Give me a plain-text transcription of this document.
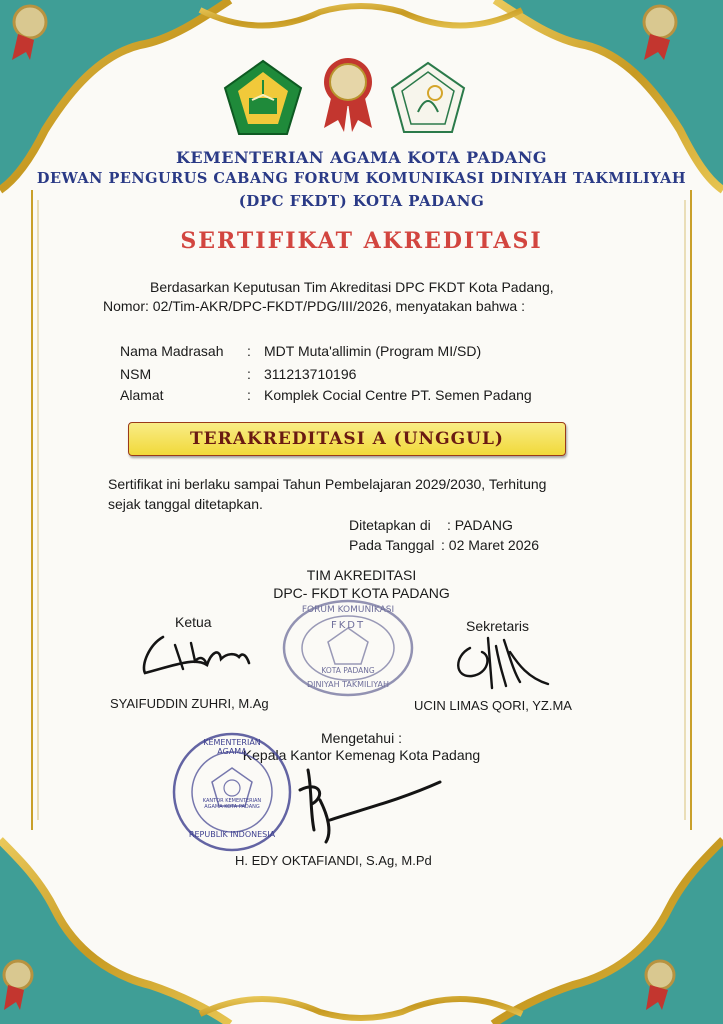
KEMENTERIAN AGAMA KOTA PADANG
DEWAN PENGURUS CABANG FORUM KOMUNIKASI DINIYAH TAKMILIYAH
(DPC FKDT) KOTA PADANG
SERTIFIKAT AKREDITASI
Berdasarkan Keputusan Tim Akreditasi DPC FKDT Kota Padang,
Nomor: 02/Tim-AKR/DPC-FKDT/PDG/III/2026, menyatakan bahwa :
Nama Madrasah : MDT Muta'allimin (Program MI/SD)
NSM	: 311213710196
Alamat	: Komplek Cocial Centre PT. Semen Padang
TERAKREDITASI A (UNGGUL)
Sertifikat ini berlaku sampai Tahun Pembelajaran 2029/2030, Terhitung
sejak tanggal ditetapkan.
Ditetapkan di : PADANG
Pada Tanggal : 02 Maret 2026
TIM AKREDITASI
DPC- FKDT KOTA PADANG
Ketua	Sekretaris
FORUM KOMUNIKASI
FKDT
KOTA PADANG
DINIYAH TAKMILIYAH
SYAIFUDDIN ZUHRI, M.Ag	UCIN LIMAS QORI, YZ.MA
Mengetahui :
Kepala Kantor Kemenag Kota Padang
KEMENTERIAN AGAMA
KANTOR KEMENTERIAN AGAMA KOTA PADANG
REPUBLIK INDONESIA
H. EDY OKTAFIANDI, S.Ag, M.Pd
